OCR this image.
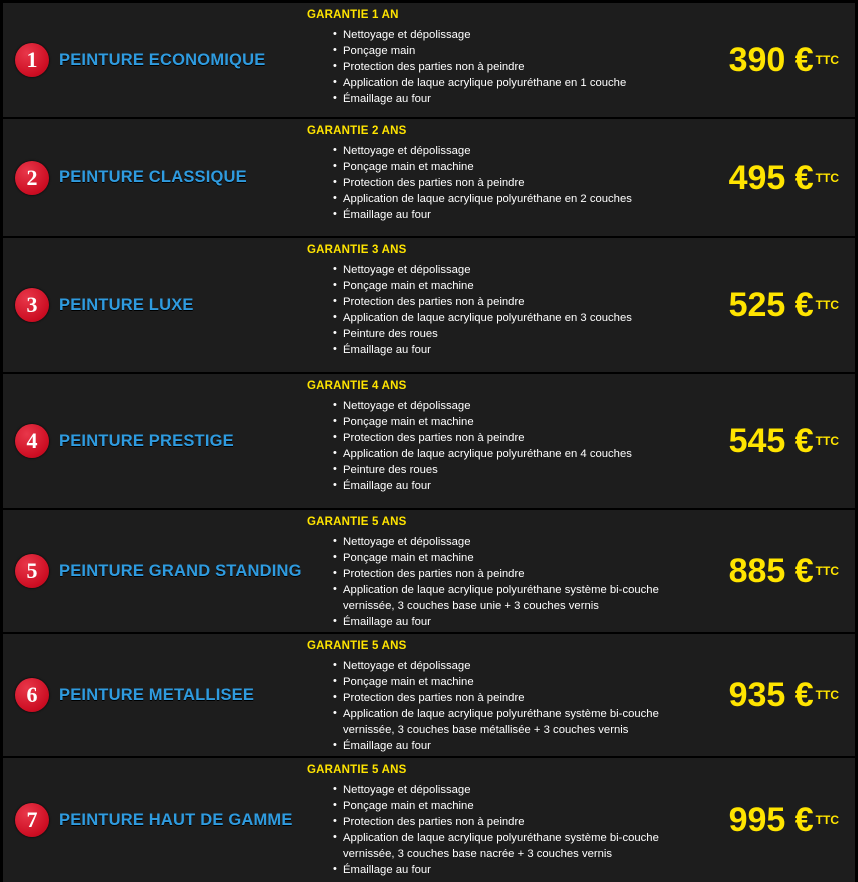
1	PEINTURE ECONOMIQUE
GARANTIE 1 AN
• Nettoyage et dépolissage
• Ponçage main
• Protection des parties non à peindre
• Application de laque acrylique polyuréthane en 1 couche
• Émaillage au four
390 € TTC
2	PEINTURE CLASSIQUE
GARANTIE 2 ANS
• Nettoyage et dépolissage
• Ponçage main et machine
• Protection des parties non à peindre
• Application de laque acrylique polyuréthane en 2 couches
• Émaillage au four
495 € TTC
3	PEINTURE LUXE
GARANTIE 3 ANS
• Nettoyage et dépolissage
• Ponçage main et machine
• Protection des parties non à peindre
• Application de laque acrylique polyuréthane en 3 couches
• Peinture des roues
• Émaillage au four
525 € TTC
4	PEINTURE PRESTIGE
GARANTIE 4 ANS
• Nettoyage et dépolissage
• Ponçage main et machine
• Protection des parties non à peindre
• Application de laque acrylique polyuréthane en 4 couches
• Peinture des roues
• Émaillage au four
545 € TTC
5	PEINTURE GRAND STANDING
GARANTIE 5 ANS
• Nettoyage et dépolissage
• Ponçage main et machine
• Protection des parties non à peindre
• Application de laque acrylique polyuréthane système bi-couche vernissée, 3 couches base unie + 3 couches vernis
• Émaillage au four
885 € TTC
6	PEINTURE METALLISEE
GARANTIE 5 ANS
• Nettoyage et dépolissage
• Ponçage main et machine
• Protection des parties non à peindre
• Application de laque acrylique polyuréthane système bi-couche vernissée, 3 couches base métallisée + 3 couches vernis
• Émaillage au four
935 € TTC
7	PEINTURE HAUT DE GAMME
GARANTIE 5 ANS
• Nettoyage et dépolissage
• Ponçage main et machine
• Protection des parties non à peindre
• Application de laque acrylique polyuréthane système bi-couche vernissée, 3 couches base nacrée + 3 couches vernis
• Émaillage au four
995 € TTC
